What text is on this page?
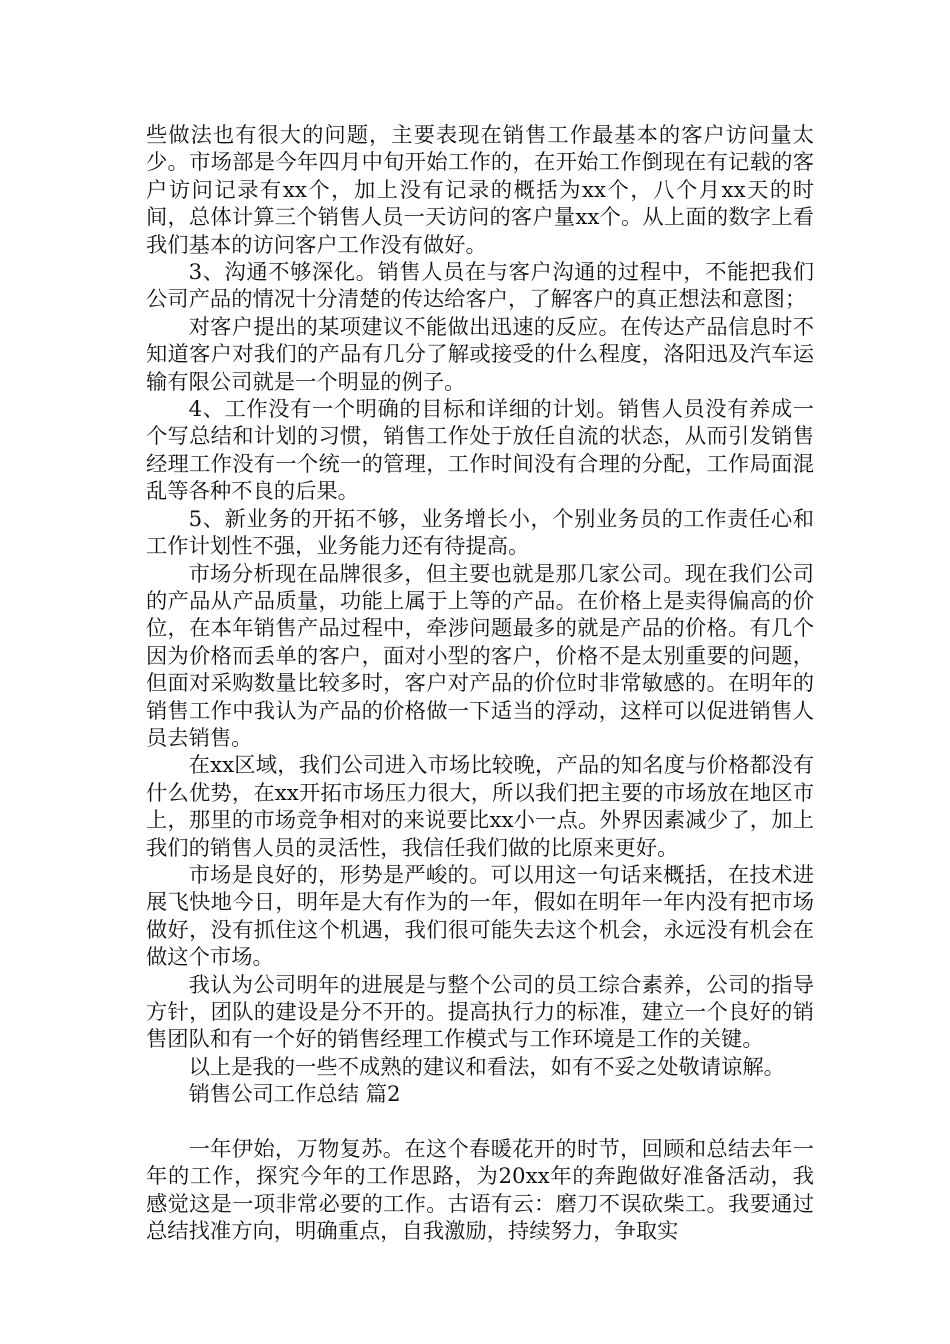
些做法也有很大的问题，主要表现在销售工作最基本的客户访问量太少。市场部是今年四月中旬开始工作的，在开始工作倒现在有记载的客户访问记录有xx个，加上没有记录的概括为xx个，八个月xx天的时间，总体计算三个销售人员一天访问的客户量xx个。从上面的数字上看我们基本的访问客户工作没有做好。

3、沟通不够深化。销售人员在与客户沟通的过程中，不能把我们公司产品的情况十分清楚的传达给客户，了解客户的真正想法和意图；

对客户提出的某项建议不能做出迅速的反应。在传达产品信息时不知道客户对我们的产品有几分了解或接受的什么程度，洛阳迅及汽车运输有限公司就是一个明显的例子。

4、工作没有一个明确的目标和详细的计划。销售人员没有养成一个写总结和计划的习惯，销售工作处于放任自流的状态，从而引发销售经理工作没有一个统一的管理，工作时间没有合理的分配，工作局面混乱等各种不良的后果。

5、新业务的开拓不够，业务增长小，个别业务员的工作责任心和工作计划性不强，业务能力还有待提高。

市场分析现在品牌很多，但主要也就是那几家公司。现在我们公司的产品从产品质量，功能上属于上等的产品。在价格上是卖得偏高的价位，在本年销售产品过程中，牵涉问题最多的就是产品的价格。有几个因为价格而丢单的客户，面对小型的客户，价格不是太别重要的问题，但面对采购数量比较多时，客户对产品的价位时非常敏感的。在明年的销售工作中我认为产品的价格做一下适当的浮动，这样可以促进销售人员去销售。

在xx区域，我们公司进入市场比较晚，产品的知名度与价格都没有什么优势，在xx开拓市场压力很大，所以我们把主要的市场放在地区市上，那里的市场竞争相对的来说要比xx小一点。外界因素减少了，加上我们的销售人员的灵活性，我信任我们做的比原来更好。

市场是良好的，形势是严峻的。可以用这一句话来概括，在技术进展飞快地今日，明年是大有作为的一年，假如在明年一年内没有把市场做好，没有抓住这个机遇，我们很可能失去这个机会，永远没有机会在做这个市场。

我认为公司明年的进展是与整个公司的员工综合素养，公司的指导方针，团队的建设是分不开的。提高执行力的标准，建立一个良好的销售团队和有一个好的销售经理工作模式与工作环境是工作的关键。

以上是我的一些不成熟的建议和看法，如有不妥之处敬请谅解。

销售公司工作总结 篇2

一年伊始，万物复苏。在这个春暖花开的时节，回顾和总结去年一年的工作，探究今年的工作思路，为20xx年的奔跑做好准备活动，我感觉这是一项非常必要的工作。古语有云：磨刀不误砍柴工。我要通过总结找准方向，明确重点，自我激励，持续努力，争取实
